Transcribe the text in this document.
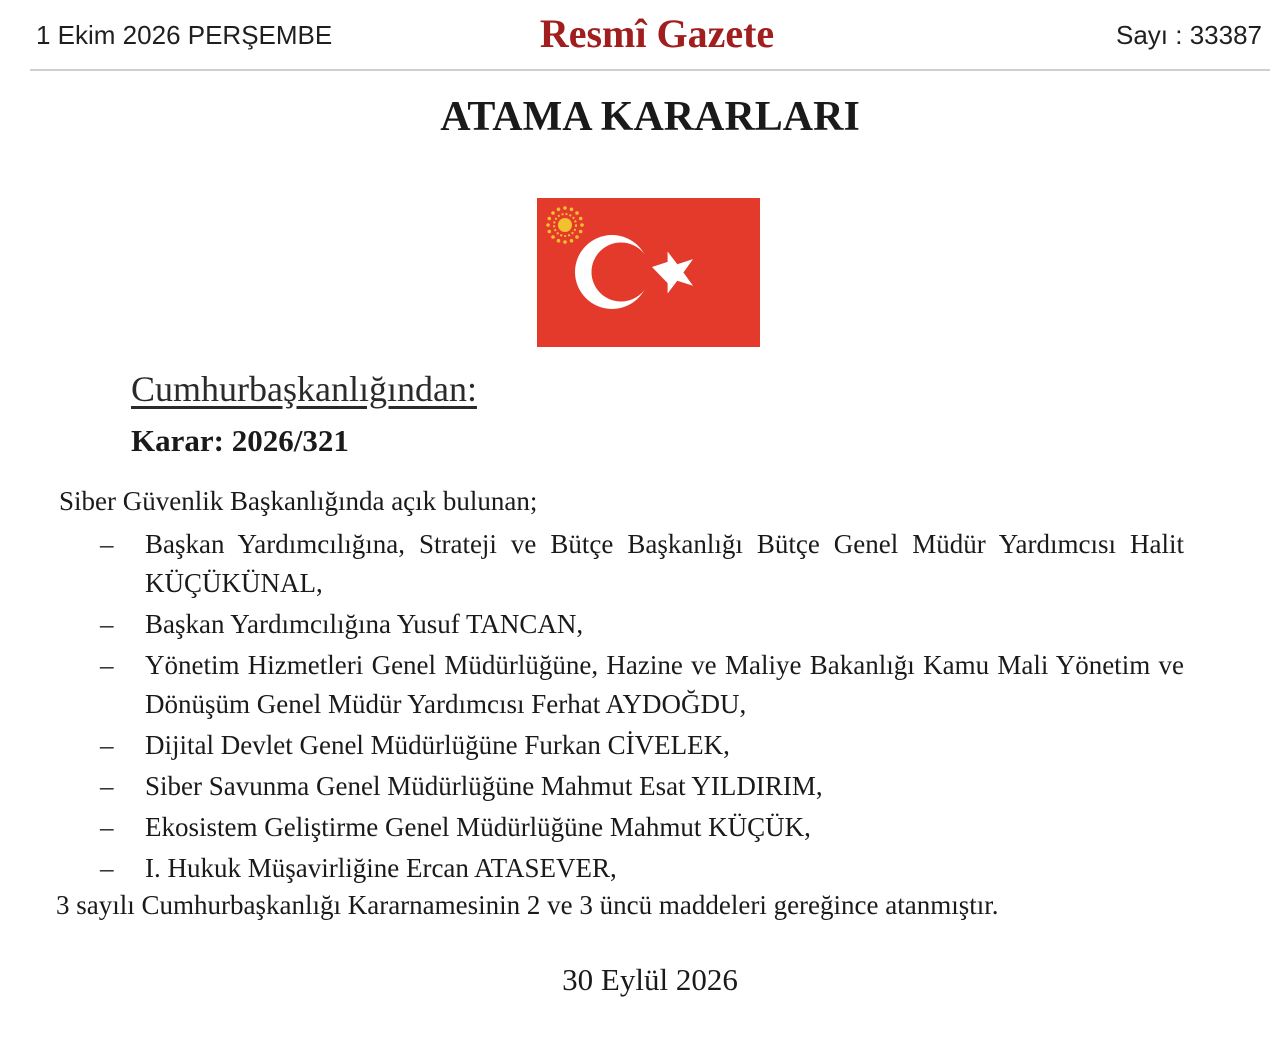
1 Ekim 2026 PERŞEMBE	Resmî Gazete	Sayı : 33387
ATAMA KARARLARI
Cumhurbaşkanlığından:
Karar: 2026/321
Siber Güvenlik Başkanlığında açık bulunan;
– Başkan Yardımcılığına, Strateji ve Bütçe Başkanlığı Bütçe Genel Müdür Yardımcısı Halit KÜÇÜKÜNAL,
– Başkan Yardımcılığına Yusuf TANCAN,
– Yönetim Hizmetleri Genel Müdürlüğüne, Hazine ve Maliye Bakanlığı Kamu Mali Yönetim ve Dönüşüm Genel Müdür Yardımcısı Ferhat AYDOĞDU,
– Dijital Devlet Genel Müdürlüğüne Furkan CİVELEK,
– Siber Savunma Genel Müdürlüğüne Mahmut Esat YILDIRIM,
– Ekosistem Geliştirme Genel Müdürlüğüne Mahmut KÜÇÜK,
– I. Hukuk Müşavirliğine Ercan ATASEVER,
3 sayılı Cumhurbaşkanlığı Kararnamesinin 2 ve 3 üncü maddeleri gereğince atanmıştır.
30 Eylül 2026
